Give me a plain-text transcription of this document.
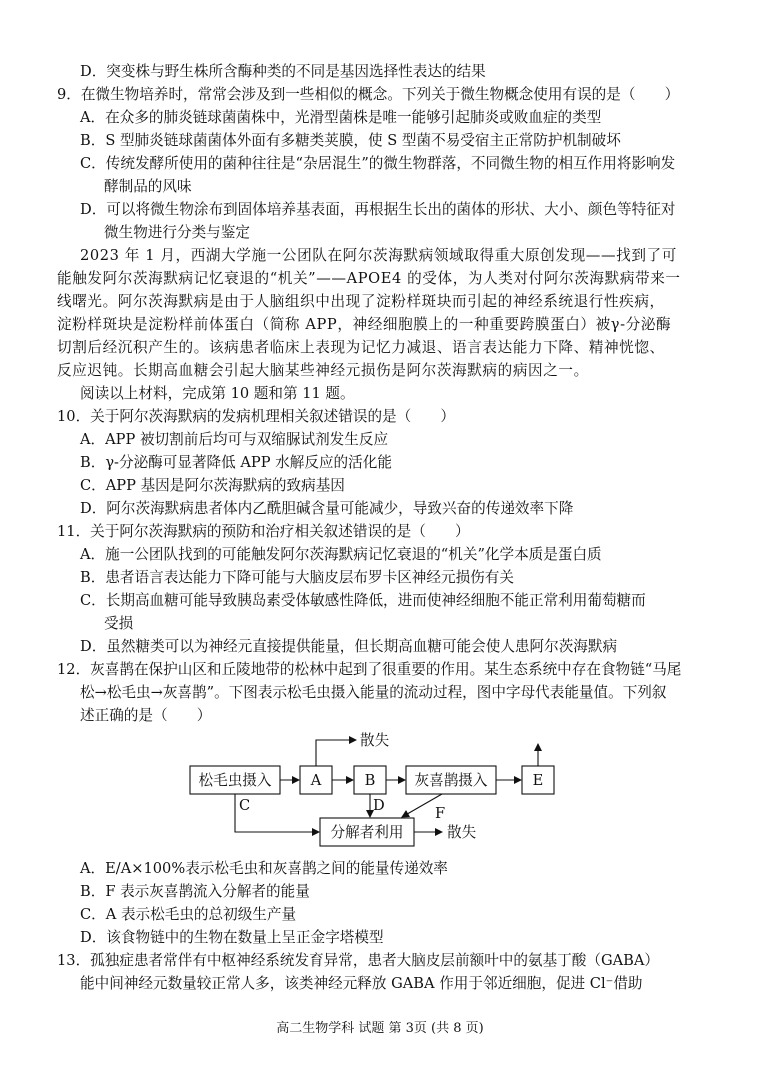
D．突变株与野生株所含酶种类的不同是基因选择性表达的结果
9．在微生物培养时，常常会涉及到一些相似的概念。下列关于微生物概念使用有误的是（　　）
A．在众多的肺炎链球菌菌株中，光滑型菌株是唯一能够引起肺炎或败血症的类型
B．S 型肺炎链球菌菌体外面有多糖类荚膜，使 S 型菌不易受宿主正常防护机制破坏
C．传统发酵所使用的菌种往往是“杂居混生”的微生物群落，不同微生物的相互作用将影响发
酵制品的风味
D．可以将微生物涂布到固体培养基表面，再根据生长出的菌体的形状、大小、颜色等特征对
微生物进行分类与鉴定
2023 年 1 月，西湖大学施一公团队在阿尔茨海默病领域取得重大原创发现——找到了可
能触发阿尔茨海默病记忆衰退的“机关”——APOE4 的受体，为人类对付阿尔茨海默病带来一
线曙光。阿尔茨海默病是由于人脑组织中出现了淀粉样斑块而引起的神经系统退行性疾病，
淀粉样斑块是淀粉样前体蛋白（简称 APP，神经细胞膜上的一种重要跨膜蛋白）被γ-分泌酶
切割后经沉积产生的。该病患者临床上表现为记忆力减退、语言表达能力下降、精神恍惚、
反应迟钝。长期高血糖会引起大脑某些神经元损伤是阿尔茨海默病的病因之一。
阅读以上材料，完成第 10 题和第 11 题。
10．关于阿尔茨海默病的发病机理相关叙述错误的是（　　）
A．APP 被切割前后均可与双缩脲试剂发生反应
B．γ-分泌酶可显著降低 APP 水解反应的活化能
C．APP 基因是阿尔茨海默病的致病基因
D．阿尔茨海默病患者体内乙酰胆碱含量可能减少，导致兴奋的传递效率下降
11．关于阿尔茨海默病的预防和治疗相关叙述错误的是（　　）
A．施一公团队找到的可能触发阿尔茨海默病记忆衰退的“机关”化学本质是蛋白质
B．患者语言表达能力下降可能与大脑皮层布罗卡区神经元损伤有关
C．长期高血糖可能导致胰岛素受体敏感性降低，进而使神经细胞不能正常利用葡萄糖而
受损
D．虽然糖类可以为神经元直接提供能量，但长期高血糖可能会使人患阿尔茨海默病
12．灰喜鹊在保护山区和丘陵地带的松林中起到了很重要的作用。某生态系统中存在食物链“马尾
松→松毛虫→灰喜鹊”。下图表示松毛虫摄入能量的流动过程，图中字母代表能量值。下列叙
述正确的是（　　）
散失
松毛虫摄入	A	B	灰喜鹊摄入	E
C	D	F
分解者利用	散失
A．E/A×100%表示松毛虫和灰喜鹊之间的能量传递效率
B．F 表示灰喜鹊流入分解者的能量
C．A 表示松毛虫的总初级生产量
D．该食物链中的生物在数量上呈正金字塔模型
13．孤独症患者常伴有中枢神经系统发育异常，患者大脑皮层前额叶中的氨基丁酸（GABA）
能中间神经元数量较正常人多，该类神经元释放 GABA 作用于邻近细胞，促进 Cl⁻借助
高二生物学科 试题 第 3页 (共 8 页)
